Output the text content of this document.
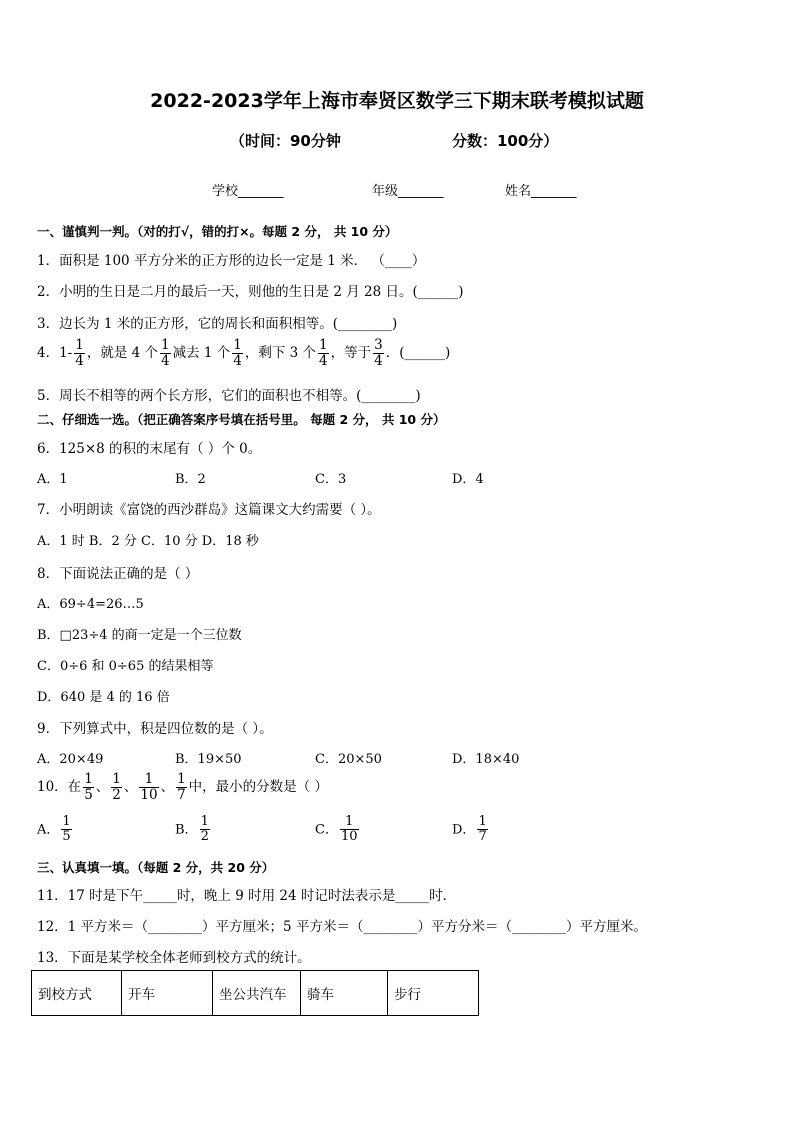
2022-2023学年上海市奉贤区数学三下期末联考模拟试题
（时间：90分钟	分数：100分）
学校_______	年级_______	姓名_______
一、谨慎判一判。（对的打√，错的打×。每题 2 分， 共 10 分）
1．面积是 100 平方分米的正方形的边长一定是 1 米． （____）
2．小明的生日是二月的最后一天，则他的生日是 2 月 28 日。(______)
3．边长为 1 米的正方形，它的周长和面积相等。(________)
4．$1- \frac{1}{4}$ ，就是 4 个 $\frac{1}{4}$ 减去 1 个 $\frac{1}{4}$ ，剩下 3 个 $\frac{1}{4}$ ，等于 $\frac{3}{4}$ ．(______)
5．周长不相等的两个长方形，它们的面积也不相等。(________)
二、仔细选一选。（把正确答案序号填在括号里。 每题 2 分， 共 10 分）
6．125×8 的积的末尾有（ ）个 0。
A．1	B．2	C．3	D．4
7．小明朗读《富饶的西沙群岛》这篇课文大约需要（ ）。
A．1 时 B．2 分 C．10 分 D．18 秒
8．下面说法正确的是（ ）
A．69÷4=26…5
B．□23÷4 的商一定是一个三位数
C．0÷6 和 0÷65 的结果相等
D．640 是 4 的 16 倍
9．下列算式中，积是四位数的是（ ）。
A．20×49	B．19×50	C．20×50	D．18×40
10．在 $\frac{1}{5}$ 、 $\frac{1}{2}$ 、 $\frac{1}{10}$ 、 $\frac{1}{7}$ 中，最小的分数是（ ）
A． $\frac{1}{5}$	B． $\frac{1}{2}$	C． $\frac{1}{10}$	D． $\frac{1}{7}$
三、认真填一填。（每题 2 分，共 20 分）
11．17 时是下午_____时，晚上 9 时用 24 时记时法表示是_____时．
12．1 平方米＝（________）平方厘米；5 平方米＝（________）平方分米＝（________）平方厘米。
13．下面是某学校全体老师到校方式的统计。
到校方式	开车	坐公共汽车	骑车	步行
